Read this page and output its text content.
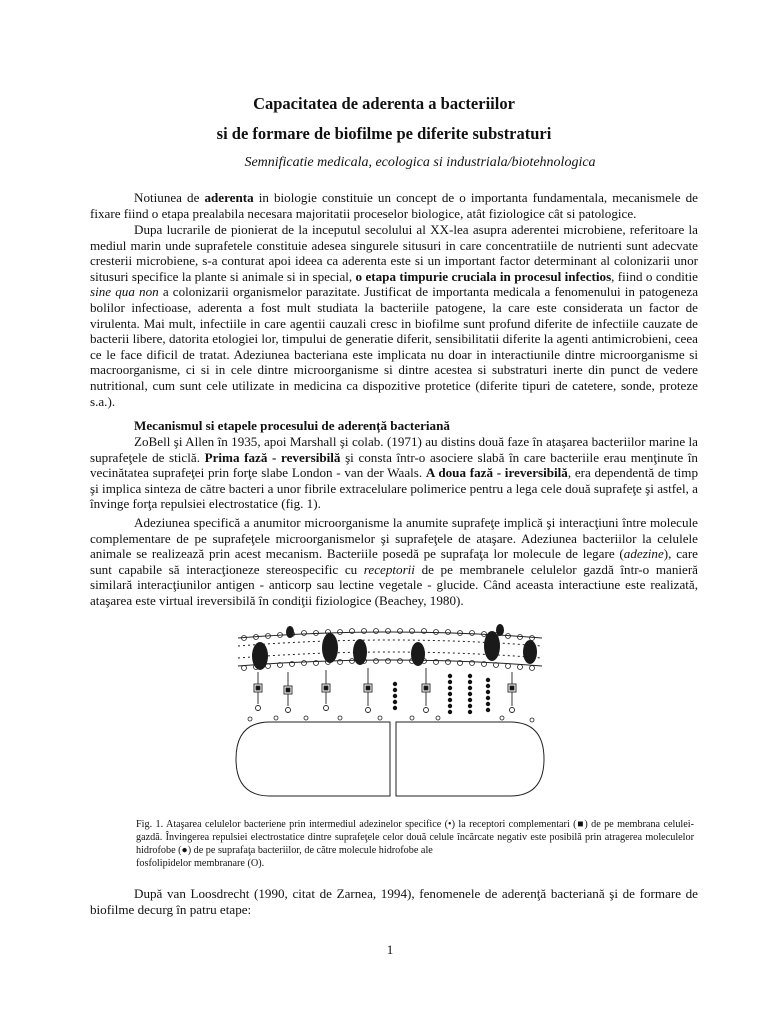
Capacitatea de aderenta a bacteriilor
si de formare de biofilme pe diferite substraturi
Semnificatie medicala, ecologica si industriala/biotehnologica

Notiunea de aderenta in biologie constituie un concept de o importanta fundamentala, mecanismele de fixare fiind o etapa prealabila necesara majoritatii proceselor biologice, atât fiziologice cât si patologice.

Dupa lucrarile de pionierat de la inceputul secolului al XX-lea asupra aderentei microbiene, referitoare la mediul marin unde suprafetele constituie adesea singurele situsuri in care concentratiile de nutrienti sunt adecvate cresterii microbiene, s-a conturat apoi ideea ca aderenta este si un important factor determinant al colonizarii unor situsuri specifice la plante si animale si in special, o etapa timpurie cruciala in procesul infectios, fiind o conditie sine qua non a colonizarii organismelor parazitate. Justificat de importanta medicala a fenomenului in patogeneza bolilor infectioase, aderenta a fost mult studiata la bacteriile patogene, la care este considerata un factor de virulenta. Mai mult, infectiile in care agentii cauzali cresc in biofilme sunt profund diferite de infectiile cauzate de bacterii libere, datorita etologiei lor, timpului de generatie diferit, sensibilitatii diferite la agenti antimicrobieni, ceea ce le face dificil de tratat. Adeziunea bacteriana este implicata nu doar in interactiunile dintre microorganisme si macroorganisme, ci si in cele dintre microorganisme si dintre acestea si substraturi inerte din punct de vedere nutritional, cum sunt cele utilizate in medicina ca dispozitive protetice (diferite tipuri de catetere, sonde, proteze s.a.).

Mecanismul si etapele procesului de aderență bacteriană

ZoBell şi Allen în 1935, apoi Marshall şi colab. (1971) au distins două faze în ataşarea bacteriilor marine la suprafeţele de sticlă. Prima fază - reversibilă şi consta într-o asociere slabă în care bacteriile erau menţinute în vecinătatea suprafeţei prin forţe slabe London - van der Waals. A doua fază - ireversibilă, era dependentă de timp şi implica sinteza de către bacteri a unor fibrile extracelulare polimerice pentru a lega cele două suprafeţe şi astfel, a învinge forţa repulsiei electrostatice (fig. 1).

Adeziunea specifică a anumitor microorganisme la anumite suprafeţe implică şi interacţiuni între molecule complementare de pe suprafeţele microorganismelor şi suprafeţele de ataşare. Adeziunea bacteriilor la celulele animale se realizează prin acest mecanism. Bacteriile posedă pe suprafaţa lor molecule de legare (adezine), care sunt capabile să interacţioneze stereospecific cu receptorii de pe membranele celulelor gazdă într-o manieră similară interacţiunilor antigen - anticorp sau lectine vegetale - glucide. Când aceasta interactiune este realizată, ataşarea este virtual ireversibilă în condiţii fiziologice (Beachey, 1980).

Fig. 1. Ataşarea celulelor bacteriene prin intermediul adezinelor specifice (•) la receptori complementari (■) de pe membrana celulei-gazdă. Învingerea repulsiei electrostatice dintre suprafeţele celor două celule încărcate negativ este posibilă prin atragerea moleculelor hidrofobe (●) de pe suprafaţa bacteriilor, de către molecule hidrofobe ale
fosfolipidelor membranare (O).

După van Loosdrecht (1990, citat de Zarnea, 1994), fenomenele de aderenţă bacteriană şi de formare de biofilme decurg în patru etape:

1
